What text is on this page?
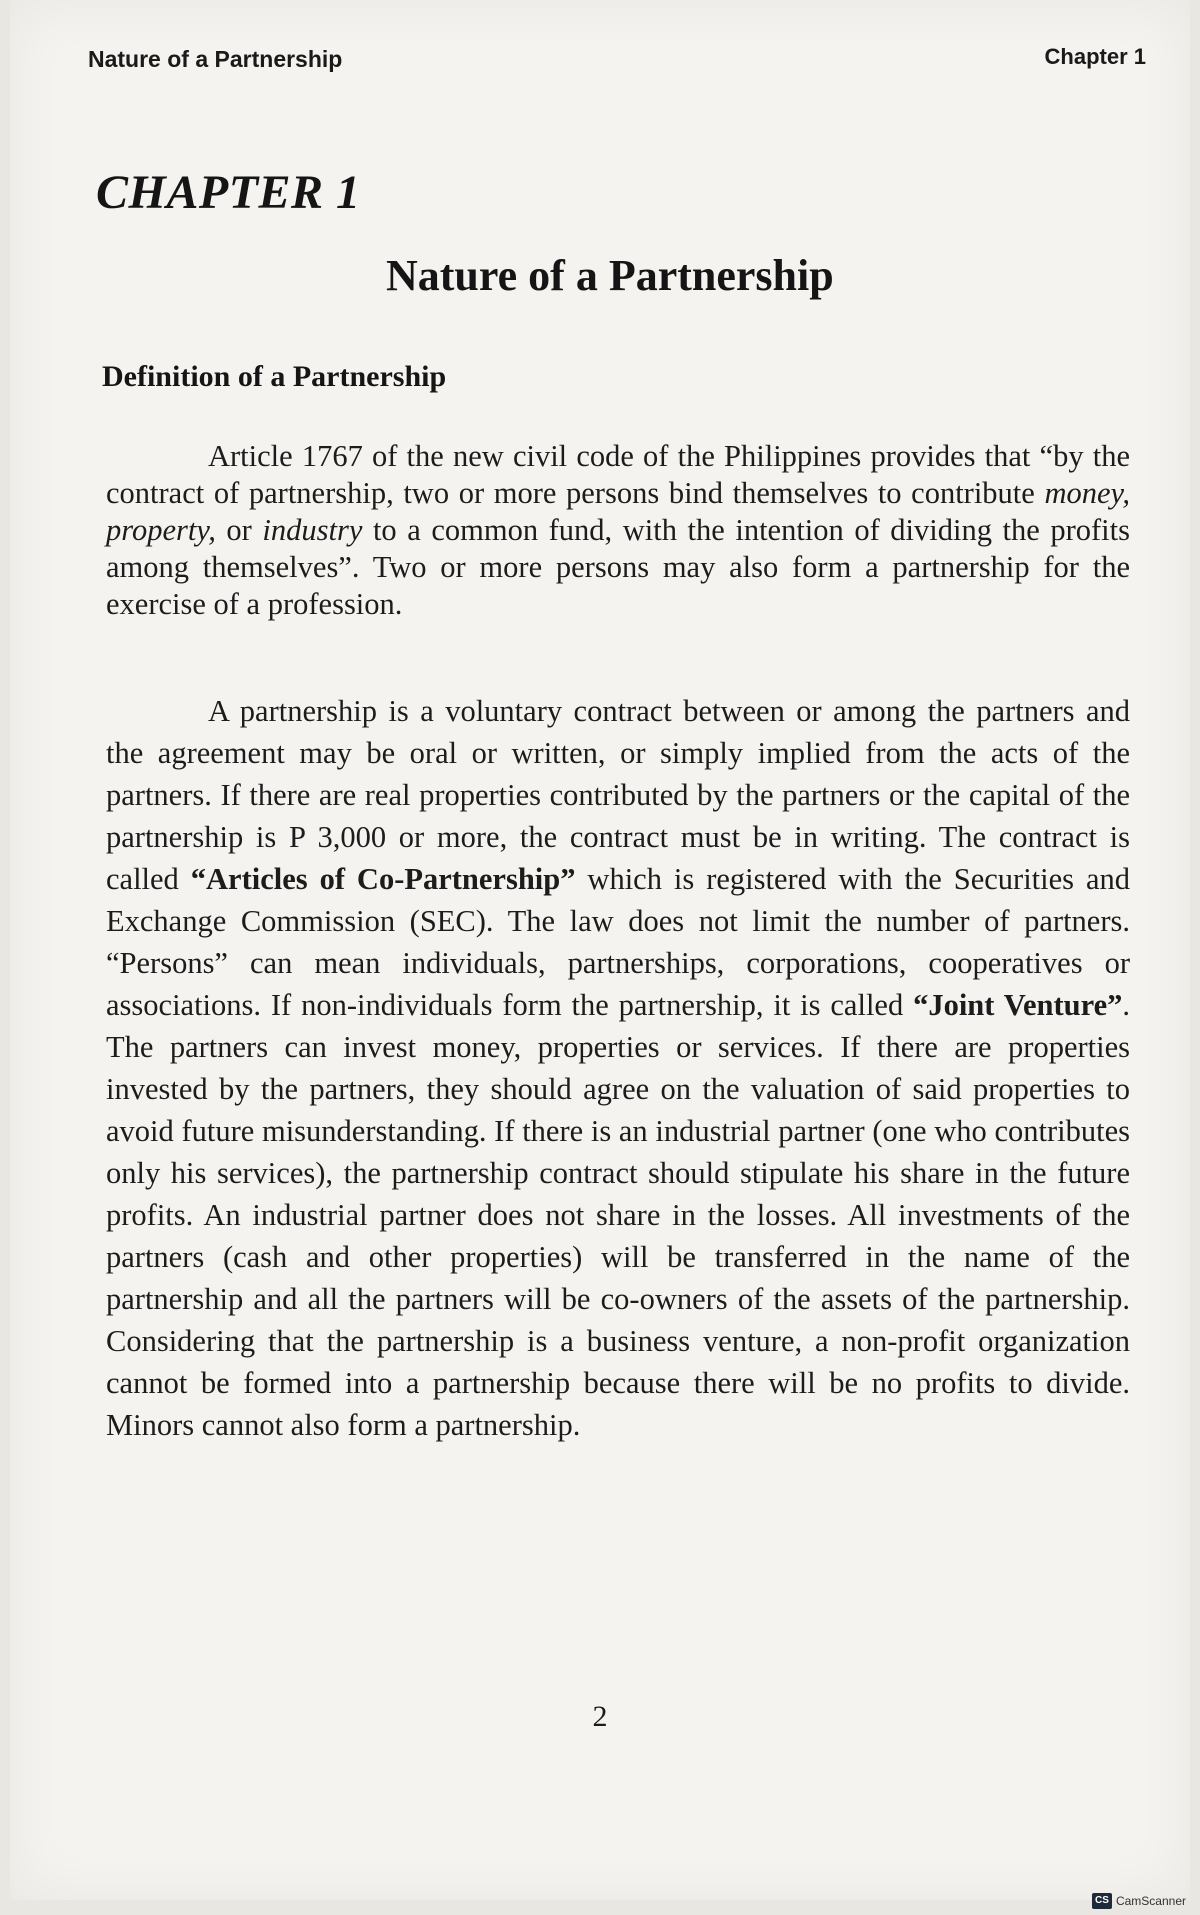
Nature of a Partnership	Chapter 1
CHAPTER 1
Nature of a Partnership
Definition of a Partnership

Article 1767 of the new civil code of the Philippines provides that “by the contract of partnership, two or more persons bind themselves to contribute money, property, or industry to a common fund, with the intention of dividing the profits among themselves”. Two or more persons may also form a partnership for the exercise of a profession.

A partnership is a voluntary contract between or among the partners and the agreement may be oral or written, or simply implied from the acts of the partners. If there are real properties contributed by the partners or the capital of the partnership is P 3,000 or more, the contract must be in writing. The contract is called “Articles of Co-Partnership” which is registered with the Securities and Exchange Commission (SEC). The law does not limit the number of partners. “Persons” can mean individuals, partnerships, corporations, cooperatives or associations. If non-individuals form the partnership, it is called “Joint Venture”. The partners can invest money, properties or services. If there are properties invested by the partners, they should agree on the valuation of said properties to avoid future misunderstanding. If there is an industrial partner (one who contributes only his services), the partnership contract should stipulate his share in the future profits. An industrial partner does not share in the losses. All investments of the partners (cash and other properties) will be transferred in the name of the partnership and all the partners will be co-owners of the assets of the partnership. Considering that the partnership is a business venture, a non-profit organization cannot be formed into a partnership because there will be no profits to divide. Minors cannot also form a partnership.

2
CS CamScanner
